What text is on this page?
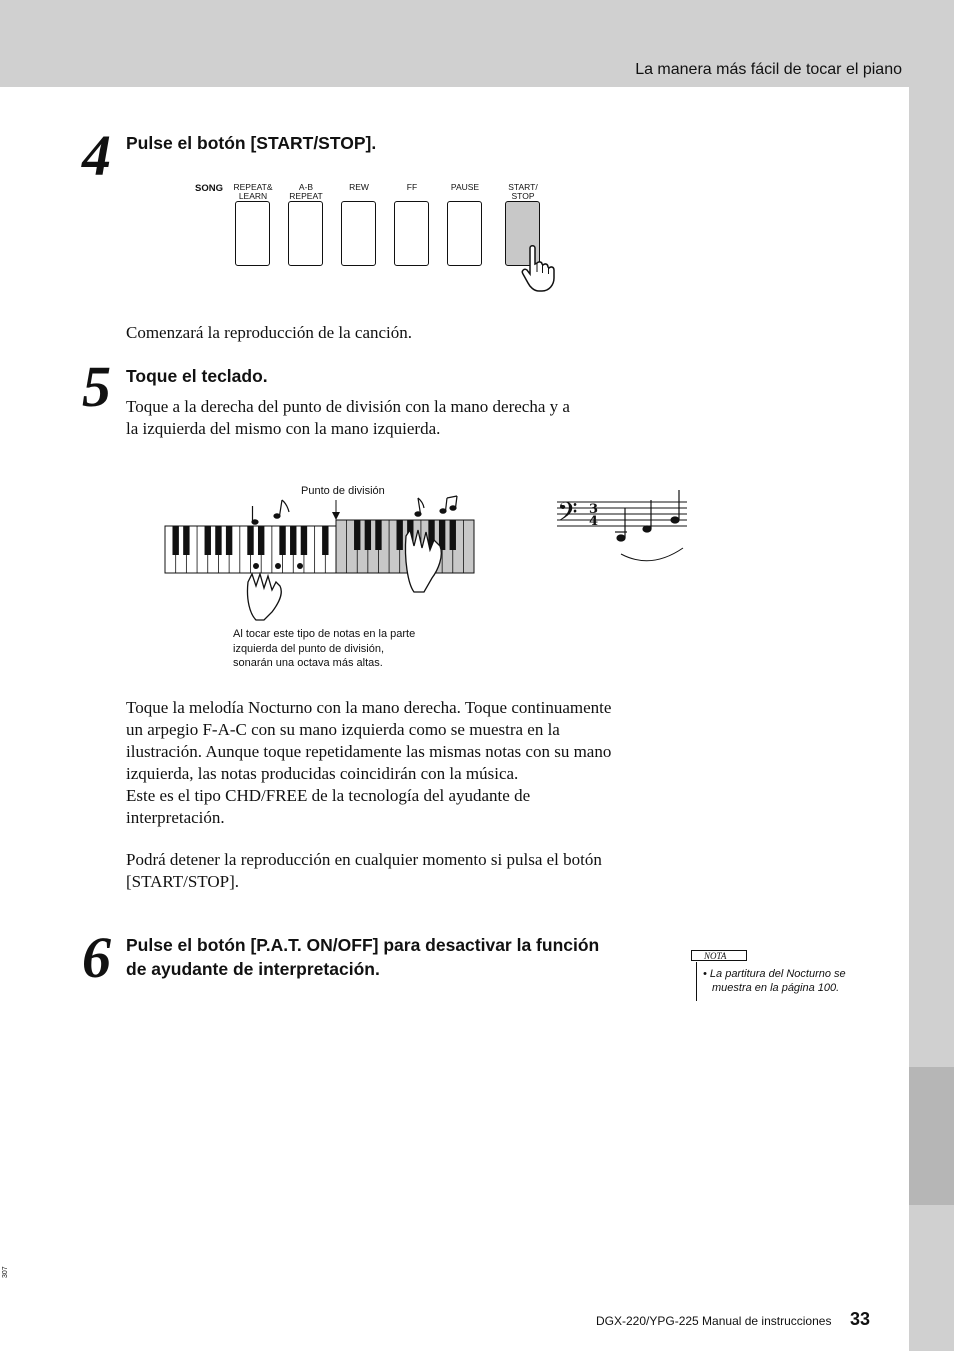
La manera más fácil de tocar el piano
4 Pulse el botón [START/STOP].
SONG	REPEAT&
LEARN
A-B
REPEAT
REW	FF	PAUSE	START/
STOP
Comenzará la reproducción de la canción.
5 Toque el teclado.
Toque a la derecha del punto de división con la mano derecha y a
la izquierda del mismo con la mano izquierda.
Punto de división
Al tocar este tipo de notas en la parte
izquierda del punto de división,
sonarán una octava más altas.
𝄢 3
4
Toque la melodía Nocturno con la mano derecha. Toque continuamente
un arpegio F-A-C con su mano izquierda como se muestra en la
ilustración. Aunque toque repetidamente las mismas notas con su mano
izquierda, las notas producidas coincidirán con la música.
Este es el tipo CHD/FREE de la tecnología del ayudante de
interpretación.
Podrá detener la reproducción en cualquier momento si pulsa el botón
[START/STOP].
6 Pulse el botón [P.A.T. ON/OFF] para desactivar la función
de ayudante de interpretación.
NOTA
• La partitura del Nocturno se
muestra en la página 100.
DGX-220/YPG-225 Manual de instrucciones 33
307
